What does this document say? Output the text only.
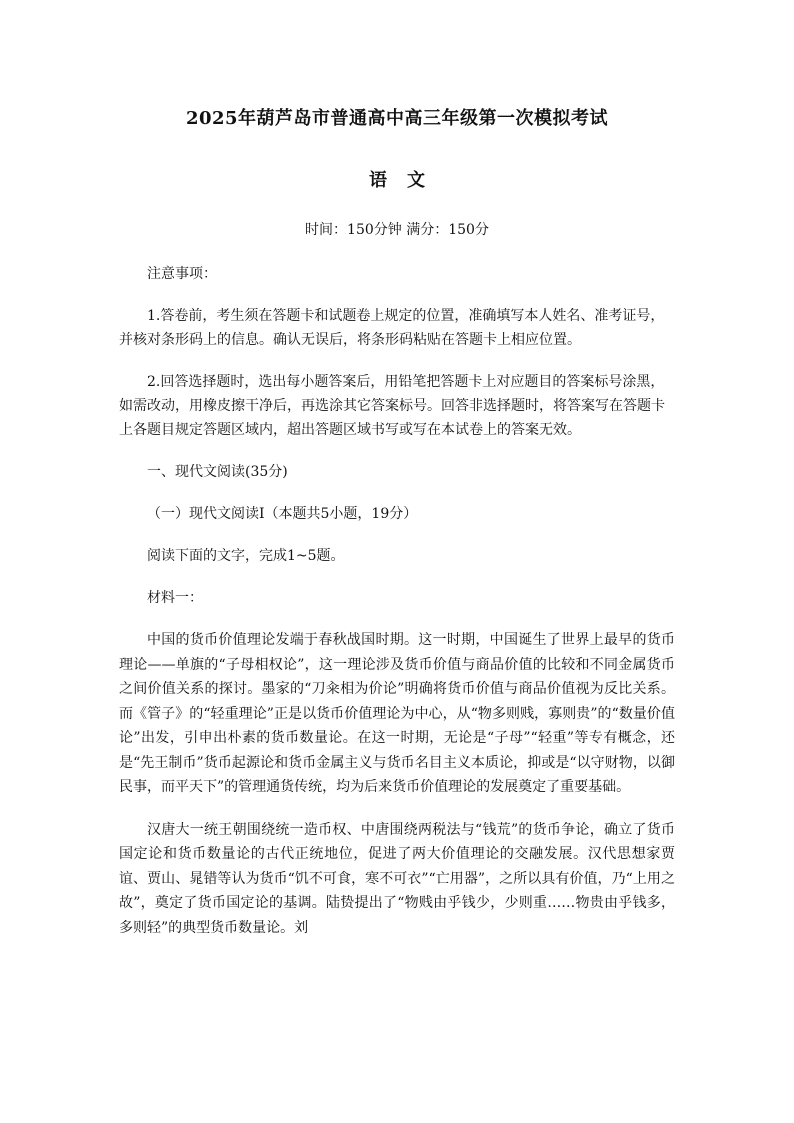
2025年葫芦岛市普通高中高三年级第一次模拟考试
语文
时间：150分钟 满分：150分

注意事项：

1.答卷前，考生须在答题卡和试题卷上规定的位置，准确填写本人姓名、准考证号，并核对条形码上的信息。确认无误后，将条形码粘贴在答题卡上相应位置。

2.回答选择题时，选出每小题答案后，用铅笔把答题卡上对应题目的答案标号涂黑，如需改动，用橡皮擦干净后，再选涂其它答案标号。回答非选择题时，将答案写在答题卡上各题目规定答题区域内，超出答题区域书写或写在本试卷上的答案无效。

一、现代文阅读(35分)

（一）现代文阅读Ⅰ（本题共5小题，19分）

阅读下面的文字，完成1~5题。

材料一：

中国的货币价值理论发端于春秋战国时期。这一时期，中国诞生了世界上最早的货币理论——单旗的“子母相权论”，这一理论涉及货币价值与商品价值的比较和不同金属货币之间价值关系的探讨。墨家的“刀籴相为价论”明确将货币价值与商品价值视为反比关系。而《管子》的“轻重理论”正是以货币价值理论为中心，从“物多则贱，寡则贵”的“数量价值论”出发，引申出朴素的货币数量论。在这一时期，无论是“子母”“轻重”等专有概念，还是“先王制币”货币起源论和货币金属主义与货币名目主义本质论，抑或是“以守财物，以御民事，而平天下”的管理通货传统，均为后来货币价值理论的发展奠定了重要基础。

汉唐大一统王朝围绕统一造币权、中唐围绕两税法与“钱荒”的货币争论，确立了货币国定论和货币数量论的古代正统地位，促进了两大价值理论的交融发展。汉代思想家贾谊、贾山、晁错等认为货币“饥不可食，寒不可衣”“亡用器”，之所以具有价值，乃“上用之故”，奠定了货币国定论的基调。陆贽提出了“物贱由乎钱少，少则重……物贵由乎钱多，多则轻”的典型货币数量论。刘
